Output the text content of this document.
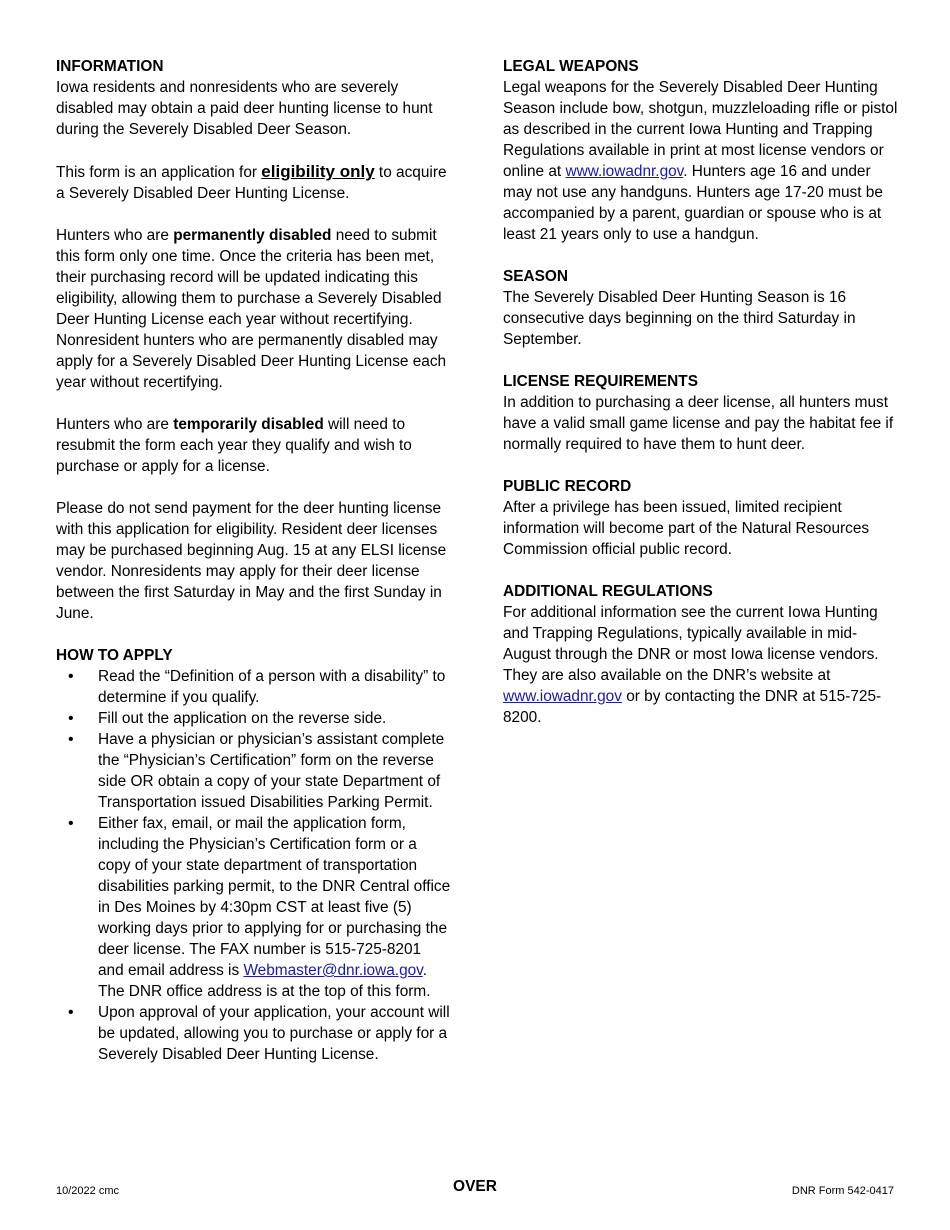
INFORMATION

Iowa residents and nonresidents who are severely disabled may obtain a paid deer hunting license to hunt during the Severely Disabled Deer Season.

This form is an application for eligibility only to acquire a Severely Disabled Deer Hunting License.

Hunters who are permanently disabled need to submit this form only one time. Once the criteria has been met, their purchasing record will be updated indicating this eligibility, allowing them to purchase a Severely Disabled Deer Hunting License each year without recertifying. Nonresident hunters who are permanently disabled may apply for a Severely Disabled Deer Hunting License each year without recertifying.

Hunters who are temporarily disabled will need to resubmit the form each year they qualify and wish to purchase or apply for a license.

Please do not send payment for the deer hunting license with this application for eligibility. Resident deer licenses may be purchased beginning Aug. 15 at any ELSI license vendor. Nonresidents may apply for their deer license between the first Saturday in May and the first Sunday in June.

HOW TO APPLY
• Read the “Definition of a person with a disability” to determine if you qualify.
• Fill out the application on the reverse side.
• Have a physician or physician’s assistant complete the “Physician’s Certification” form on the reverse side OR obtain a copy of your state Department of Transportation issued Disabilities Parking Permit.
• Either fax, email, or mail the application form, including the Physician’s Certification form or a copy of your state department of transportation disabilities parking permit, to the DNR Central office in Des Moines by 4:30pm CST at least five (5) working days prior to applying for or purchasing the deer license. The FAX number is 515-725-8201 and email address is Webmaster@dnr.iowa.gov. The DNR office address is at the top of this form.
• Upon approval of your application, your account will be updated, allowing you to purchase or apply for a Severely Disabled Deer Hunting License.
LEGAL WEAPONS
Legal weapons for the Severely Disabled Deer Hunting Season include bow, shotgun, muzzleloading rifle or pistol as described in the current Iowa Hunting and Trapping Regulations available in print at most license vendors or online at www.iowadnr.gov. Hunters age 16 and under may not use any handguns. Hunters age 17-20 must be accompanied by a parent, guardian or spouse who is at least 21 years only to use a handgun.
SEASON
The Severely Disabled Deer Hunting Season is 16 consecutive days beginning on the third Saturday in September.
LICENSE REQUIREMENTS
In addition to purchasing a deer license, all hunters must have a valid small game license and pay the habitat fee if normally required to have them to hunt deer.
PUBLIC RECORD
After a privilege has been issued, limited recipient information will become part of the Natural Resources Commission official public record.
ADDITIONAL REGULATIONS
For additional information see the current Iowa Hunting and Trapping Regulations, typically available in mid-August through the DNR or most Iowa license vendors. They are also available on the DNR’s website at www.iowadnr.gov or by contacting the DNR at 515-725-8200.
10/2022 cmc	OVER	DNR Form 542-0417
